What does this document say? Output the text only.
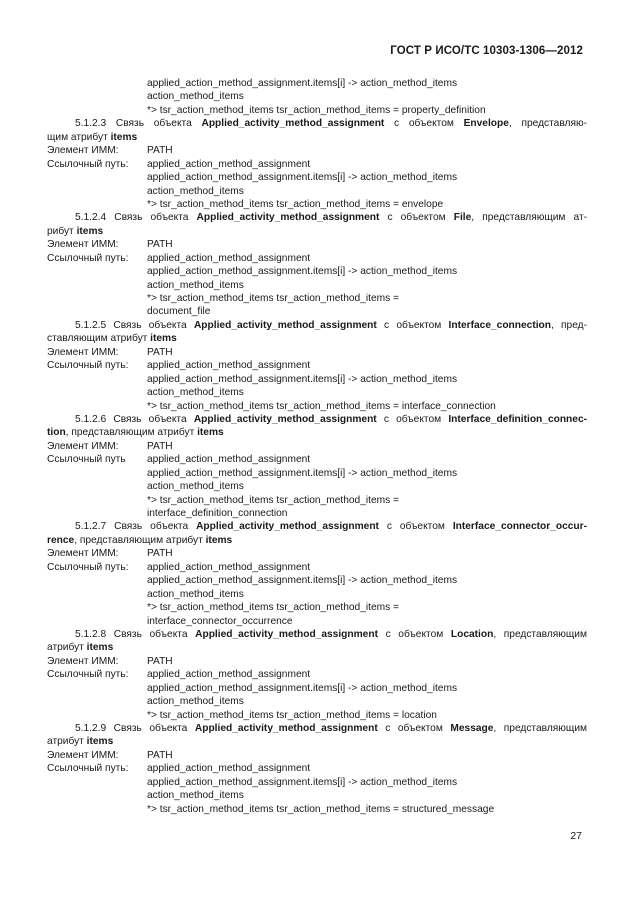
ГОСТ Р ИСО/ТС 10303-1306—2012
applied_action_method_assignment.items[i] -> action_method_items
action_method_items
*> tsr_action_method_items tsr_action_method_items = property_definition
5.1.2.3 Связь объекта Applied_activity_method_assignment с объектом Envelope, представляю-
щим атрибут items
Элемент ИММ:	PATH
Ссылочный путь:	applied_action_method_assignment
applied_action_method_assignment.items[i] -> action_method_items
action_method_items
*> tsr_action_method_items tsr_action_method_items = envelope
5.1.2.4 Связь объекта Applied_activity_method_assignment с объектом File, представляющим ат-
рибут items
Элемент ИММ:	PATH
Ссылочный путь:	applied_action_method_assignment
applied_action_method_assignment.items[i] -> action_method_items
action_method_items
*> tsr_action_method_items tsr_action_method_items =
document_file
5.1.2.5 Связь объекта Applied_activity_method_assignment с объектом Interface_connection, пред-
ставляющим атрибут items
Элемент ИММ:	PATH
Ссылочный путь:	applied_action_method_assignment
applied_action_method_assignment.items[i] -> action_method_items
action_method_items
*> tsr_action_method_items tsr_action_method_items = interface_connection
5.1.2.6 Связь объекта Applied_activity_method_assignment с объектом Interface_definition_connec-
tion, представляющим атрибут items
Элемент ИММ:	PATH
Ссылочный путь	applied_action_method_assignment
applied_action_method_assignment.items[i] -> action_method_items
action_method_items
*> tsr_action_method_items tsr_action_method_items =
interface_definition_connection
5.1.2.7 Связь объекта Applied_activity_method_assignment с объектом Interface_connector_occur-
rence, представляющим атрибут items
Элемент ИММ:	PATH
Ссылочный путь:	applied_action_method_assignment
applied_action_method_assignment.items[i] -> action_method_items
action_method_items
*> tsr_action_method_items tsr_action_method_items =
interface_connector_occurrence
5.1.2.8 Связь объекта Applied_activity_method_assignment с объектом Location, представляющим
атрибут items
Элемент ИММ:	PATH
Ссылочный путь:	applied_action_method_assignment
applied_action_method_assignment.items[i] -> action_method_items
action_method_items
*> tsr_action_method_items tsr_action_method_items = location
5.1.2.9 Связь объекта Applied_activity_method_assignment с объектом Message, представляющим
атрибут items
Элемент ИММ:	PATH
Ссылочный путь:	applied_action_method_assignment
applied_action_method_assignment.items[i] -> action_method_items
action_method_items
*> tsr_action_method_items tsr_action_method_items = structured_message
27
